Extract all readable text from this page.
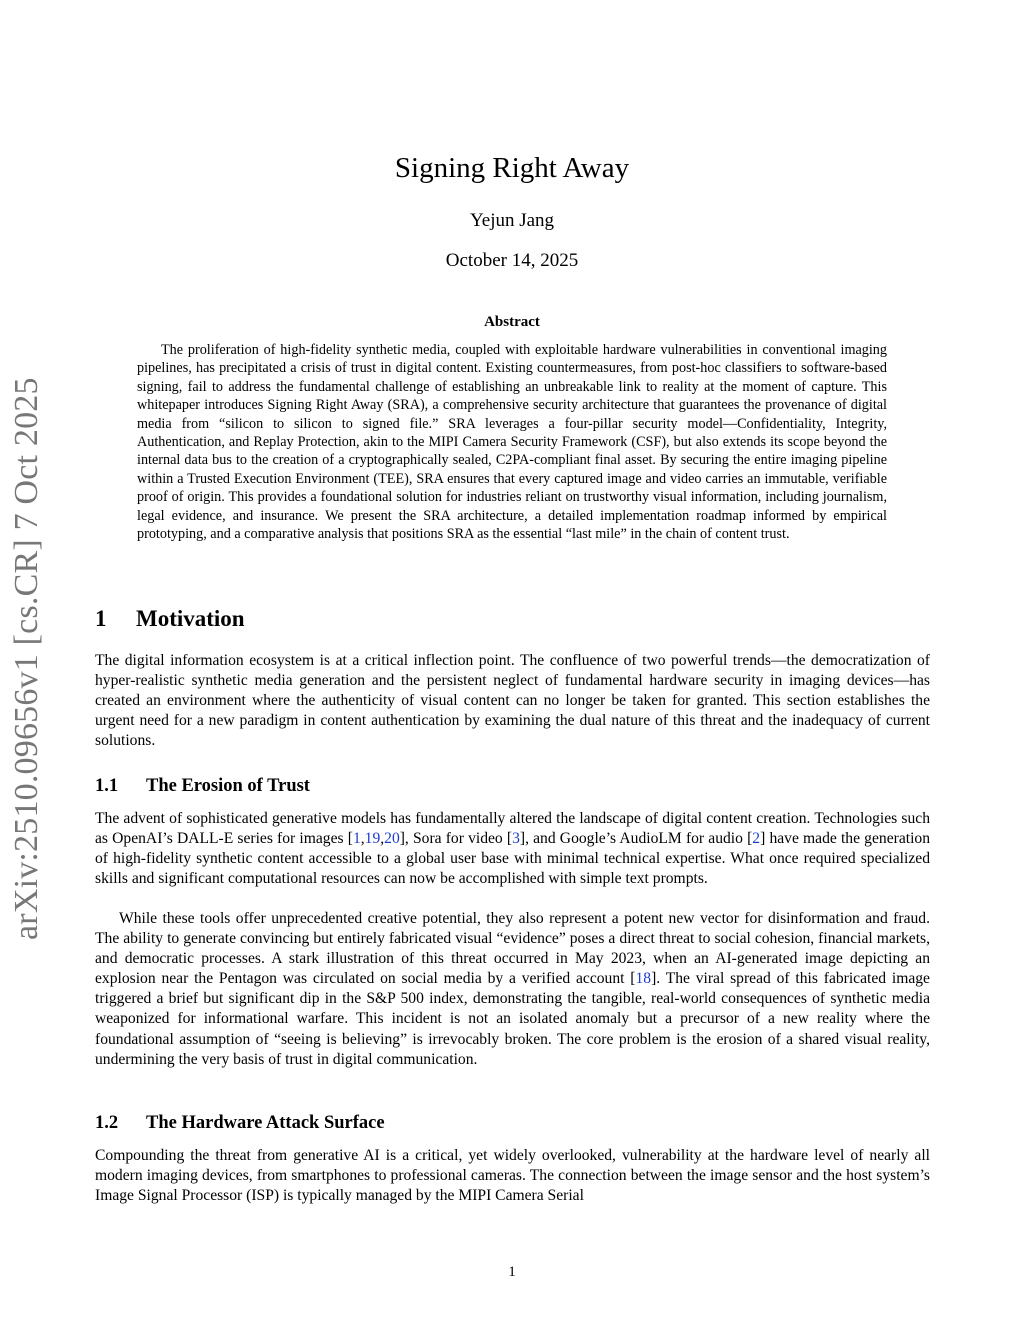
arXiv:2510.09656v1 [cs.CR] 7 Oct 2025
Signing Right Away
Yejun Jang
October 14, 2025
Abstract

The proliferation of high-fidelity synthetic media, coupled with exploitable hardware vulnerabilities in conventional imaging pipelines, has precipitated a crisis of trust in digital content. Existing countermeasures, from post-hoc classifiers to software-based signing, fail to address the fundamental challenge of establishing an unbreakable link to reality at the moment of capture. This whitepaper introduces Signing Right Away (SRA), a comprehensive security architecture that guarantees the provenance of digital media from “silicon to silicon to signed file.” SRA leverages a four-pillar security model—Confidentiality, Integrity, Authentication, and Replay Protection, akin to the MIPI Camera Security Framework (CSF), but also extends its scope beyond the internal data bus to the creation of a cryptographically sealed, C2PA-compliant final asset. By securing the entire imaging pipeline within a Trusted Execution Environment (TEE), SRA ensures that every captured image and video carries an immutable, verifiable proof of origin. This provides a foundational solution for industries reliant on trustworthy visual information, including journalism, legal evidence, and insurance. We present the SRA architecture, a detailed implementation roadmap informed by empirical prototyping, and a comparative analysis that positions SRA as the essential “last mile” in the chain of content trust.

1 Motivation

The digital information ecosystem is at a critical inflection point. The confluence of two powerful trends—the democratization of hyper-realistic synthetic media generation and the persistent neglect of fundamental hardware security in imaging devices—has created an environment where the authenticity of visual content can no longer be taken for granted. This section establishes the urgent need for a new paradigm in content authentication by examining the dual nature of this threat and the inadequacy of current solutions.

1.1 The Erosion of Trust

The advent of sophisticated generative models has fundamentally altered the landscape of digital content creation. Technologies such as OpenAI’s DALL-E series for images [1,19,20], Sora for video [3], and Google’s AudioLM for audio [2] have made the generation of high-fidelity synthetic content accessible to a global user base with minimal technical expertise. What once required specialized skills and significant computational resources can now be accomplished with simple text prompts.

While these tools offer unprecedented creative potential, they also represent a potent new vector for disinformation and fraud. The ability to generate convincing but entirely fabricated visual “evidence” poses a direct threat to social cohesion, financial markets, and democratic processes. A stark illustration of this threat occurred in May 2023, when an AI-generated image depicting an explosion near the Pentagon was circulated on social media by a verified account [18]. The viral spread of this fabricated image triggered a brief but significant dip in the S&P 500 index, demonstrating the tangible, real-world consequences of synthetic media weaponized for informational warfare. This incident is not an isolated anomaly but a precursor of a new reality where the foundational assumption of “seeing is believing” is irrevocably broken. The core problem is the erosion of a shared visual reality, undermining the very basis of trust in digital communication.

1.2 The Hardware Attack Surface

Compounding the threat from generative AI is a critical, yet widely overlooked, vulnerability at the hardware level of nearly all modern imaging devices, from smartphones to professional cameras. The connection between the image sensor and the host system’s Image Signal Processor (ISP) is typically managed by the MIPI Camera Serial

1
